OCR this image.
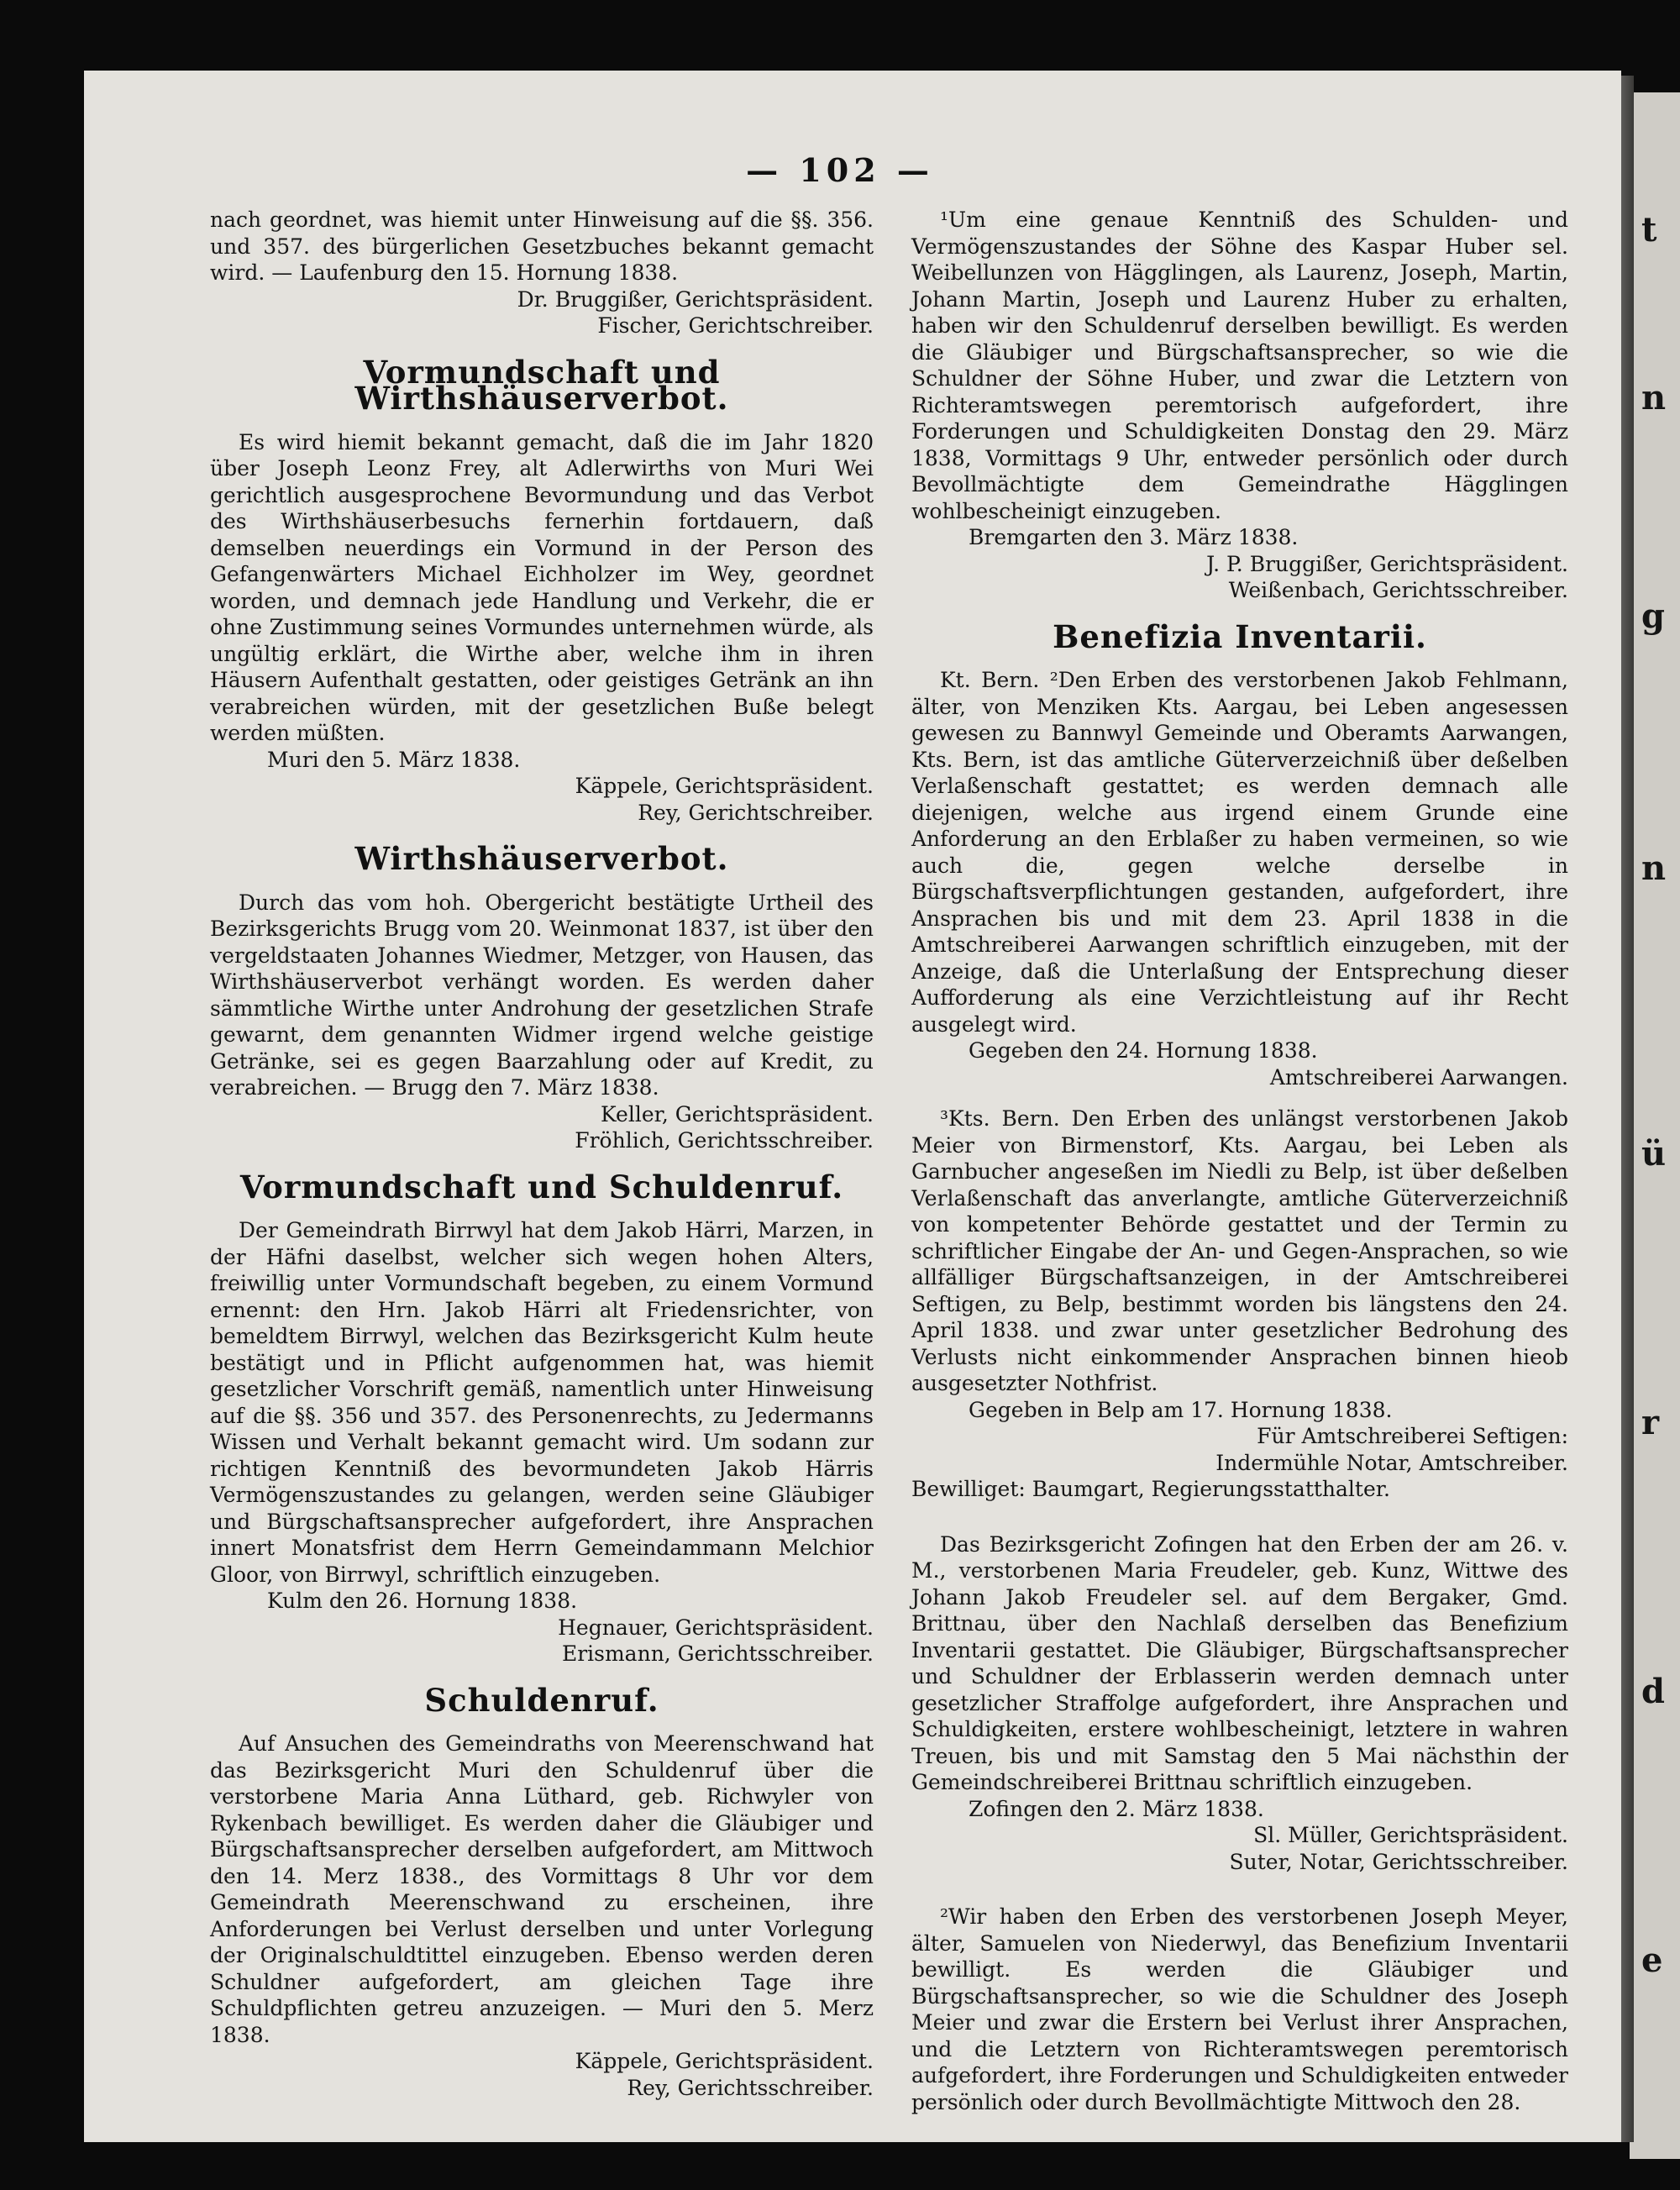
t
n
g
n
ü
r
d
e
— 102 —

nach geordnet, was hiemit unter Hinweisung auf die §§. 356. und 357. des bürgerlichen Gesetzbuches bekannt gemacht wird. — Laufenburg den 15. Hornung 1838.

Dr. Bruggißer, Gerichtspräsident.

Fischer, Gerichtschreiber.

Vormundschaft und Wirthshäuserverbot.

Es wird hiemit bekannt gemacht, daß die im Jahr 1820 über Joseph Leonz Frey, alt Adlerwirths von Muri Wei gerichtlich ausgesprochene Bevormundung und das Verbot des Wirthshäuserbesuchs fernerhin fortdauern, daß demselben neuerdings ein Vormund in der Person des Gefangenwärters Michael Eichholzer im Wey, geordnet worden, und demnach jede Handlung und Verkehr, die er ohne Zustimmung seines Vormundes unternehmen würde, als ungültig erklärt, die Wirthe aber, welche ihm in ihren Häusern Aufenthalt gestatten, oder geistiges Getränk an ihn verabreichen würden, mit der gesetzlichen Buße belegt werden müßten.

Muri den 5. März 1838.

Käppele, Gerichtspräsident.

Rey, Gerichtschreiber.

Wirthshäuserverbot.

Durch das vom hoh. Obergericht bestätigte Urtheil des Bezirksgerichts Brugg vom 20. Weinmonat 1837, ist über den vergeldstaaten Johannes Wiedmer, Metzger, von Hausen, das Wirthshäuserverbot verhängt worden. Es werden daher sämmtliche Wirthe unter Androhung der gesetzlichen Strafe gewarnt, dem genannten Widmer irgend welche geistige Getränke, sei es gegen Baarzahlung oder auf Kredit, zu verabreichen. — Brugg den 7. März 1838.

Keller, Gerichtspräsident.

Fröhlich, Gerichtsschreiber.

Vormundschaft und Schuldenruf.

Der Gemeindrath Birrwyl hat dem Jakob Härri, Marzen, in der Häfni daselbst, welcher sich wegen hohen Alters, freiwillig unter Vormundschaft begeben, zu einem Vormund ernennt: den Hrn. Jakob Härri alt Friedensrichter, von bemeldtem Birrwyl, welchen das Bezirksgericht Kulm heute bestätigt und in Pflicht aufgenommen hat, was hiemit gesetzlicher Vorschrift gemäß, namentlich unter Hinweisung auf die §§. 356 und 357. des Personenrechts, zu Jedermanns Wissen und Verhalt bekannt gemacht wird. Um sodann zur richtigen Kenntniß des bevormundeten Jakob Härris Vermögenszustandes zu gelangen, werden seine Gläubiger und Bürgschaftsansprecher aufgefordert, ihre Ansprachen innert Monatsfrist dem Herrn Gemeindammann Melchior Gloor, von Birrwyl, schriftlich einzugeben.

Kulm den 26. Hornung 1838.

Hegnauer, Gerichtspräsident.

Erismann, Gerichtsschreiber.

Schuldenruf.

Auf Ansuchen des Gemeindraths von Meerenschwand hat das Bezirksgericht Muri den Schuldenruf über die verstorbene Maria Anna Lüthard, geb. Richwyler von Rykenbach bewilliget. Es werden daher die Gläubiger und Bürgschaftsansprecher derselben aufgefordert, am Mittwoch den 14. Merz 1838., des Vormittags 8 Uhr vor dem Gemeindrath Meerenschwand zu erscheinen, ihre Anforderungen bei Verlust derselben und unter Vorlegung der Originalschuldtittel einzugeben. Ebenso werden deren Schuldner aufgefordert, am gleichen Tage ihre Schuldpflichten getreu anzuzeigen. — Muri den 5. Merz 1838.

Käppele, Gerichtspräsident.

Rey, Gerichtsschreiber.

¹Um eine genaue Kenntniß des Schulden- und Vermögenszustandes der Söhne des Kaspar Huber sel. Weibellunzen von Hägglingen, als Laurenz, Joseph, Martin, Johann Martin, Joseph und Laurenz Huber zu erhalten, haben wir den Schuldenruf derselben bewilligt. Es werden die Gläubiger und Bürgschaftsansprecher, so wie die Schuldner der Söhne Huber, und zwar die Letztern von Richteramtswegen peremtorisch aufgefordert, ihre Forderungen und Schuldigkeiten Donstag den 29. März 1838, Vormittags 9 Uhr, entweder persönlich oder durch Bevollmächtigte dem Gemeindrathe Hägglingen wohlbescheinigt einzugeben.

Bremgarten den 3. März 1838.

J. P. Bruggißer, Gerichtspräsident.

Weißenbach, Gerichtsschreiber.

Benefizia Inventarii.

Kt. Bern. ²Den Erben des verstorbenen Jakob Fehlmann, älter, von Menziken Kts. Aargau, bei Leben angesessen gewesen zu Bannwyl Gemeinde und Oberamts Aarwangen, Kts. Bern, ist das amtliche Güterverzeichniß über deßelben Verlaßenschaft gestattet; es werden demnach alle diejenigen, welche aus irgend einem Grunde eine Anforderung an den Erblaßer zu haben vermeinen, so wie auch die, gegen welche derselbe in Bürgschaftsverpflichtungen gestanden, aufgefordert, ihre Ansprachen bis und mit dem 23. April 1838 in die Amtschreiberei Aarwangen schriftlich einzugeben, mit der Anzeige, daß die Unterlaßung der Entsprechung dieser Aufforderung als eine Verzichtleistung auf ihr Recht ausgelegt wird.

Gegeben den 24. Hornung 1838.

Amtschreiberei Aarwangen.

³Kts. Bern. Den Erben des unlängst verstorbenen Jakob Meier von Birmenstorf, Kts. Aargau, bei Leben als Garnbucher angeseßen im Niedli zu Belp, ist über deßelben Verlaßenschaft das anverlangte, amtliche Güterverzeichniß von kompetenter Behörde gestattet und der Termin zu schriftlicher Eingabe der An- und Gegen-Ansprachen, so wie allfälliger Bürgschaftsanzeigen, in der Amtschreiberei Seftigen, zu Belp, bestimmt worden bis längstens den 24. April 1838. und zwar unter gesetzlicher Bedrohung des Verlusts nicht einkommender Ansprachen binnen hieob ausgesetzter Nothfrist.

Gegeben in Belp am 17. Hornung 1838.

Für Amtschreiberei Seftigen:

Indermühle Notar, Amtschreiber.

Bewilliget: Baumgart, Regierungsstatthalter.

Das Bezirksgericht Zofingen hat den Erben der am 26. v. M., verstorbenen Maria Freudeler, geb. Kunz, Wittwe des Johann Jakob Freudeler sel. auf dem Bergaker, Gmd. Brittnau, über den Nachlaß derselben das Benefizium Inventarii gestattet. Die Gläubiger, Bürgschaftsansprecher und Schuldner der Erblasserin werden demnach unter gesetzlicher Straffolge aufgefordert, ihre Ansprachen und Schuldigkeiten, erstere wohlbescheinigt, letztere in wahren Treuen, bis und mit Samstag den 5 Mai nächsthin der Gemeindschreiberei Brittnau schriftlich einzugeben.

Zofingen den 2. März 1838.

Sl. Müller, Gerichtspräsident.

Suter, Notar, Gerichtsschreiber.

²Wir haben den Erben des verstorbenen Joseph Meyer, älter, Samuelen von Niederwyl, das Benefizium Inventarii bewilligt. Es werden die Gläubiger und Bürgschaftsansprecher, so wie die Schuldner des Joseph Meier und zwar die Erstern bei Verlust ihrer Ansprachen, und die Letztern von Richteramtswegen peremtorisch aufgefordert, ihre Forderungen und Schuldigkeiten entweder persönlich oder durch Bevollmächtigte Mittwoch den 28.
